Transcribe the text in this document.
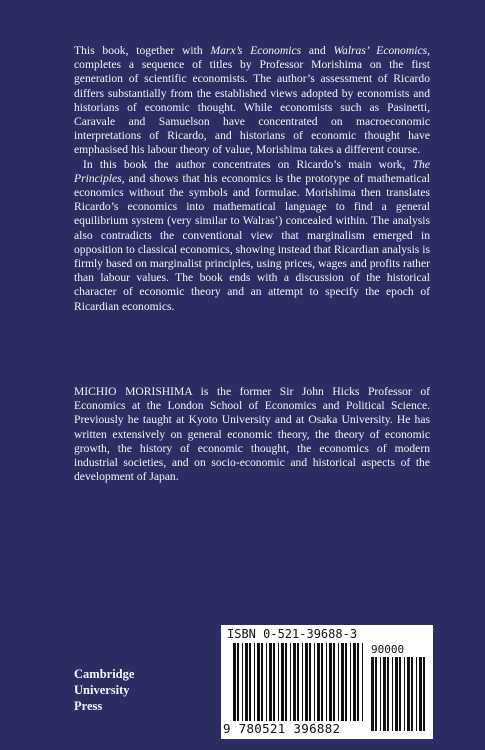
This book, together with Marx’s Economics and Walras’ Economics, completes a sequence of titles by Professor Morishima on the first generation of scientific economists. The author’s assessment of Ricardo differs substantially from the established views adopted by economists and historians of economic thought. While economists such as Pasinetti, Caravale and Samuelson have concentrated on macroeconomic interpretations of Ricardo, and historians of economic thought have emphasised his labour theory of value, Morishima takes a different course.

In this book the author concentrates on Ricardo’s main work, The Principles, and shows that his economics is the prototype of mathematical economics without the symbols and formulae. Morishima then translates Ricardo’s economics into mathematical language to find a general equilibrium system (very similar to Walras’) concealed within. The analysis also contradicts the conventional view that marginalism emerged in opposition to classical economics, showing instead that Ricardian analysis is firmly based on marginalist principles, using prices, wages and profits rather than labour values. The book ends with a discussion of the historical character of economic theory and an attempt to specify the epoch of Ricardian economics.

MICHIO MORISHIMA is the former Sir John Hicks Professor of Economics at the London School of Economics and Political Science. Previously he taught at Kyoto University and at Osaka University. He has written extensively on general economic theory, the theory of economic growth, the history of economic thought, the economics of modern industrial societies, and on socio-economic and historical aspects of the development of Japan.

Cambridge
University
Press
ISBN 0-521-39688-3
90000
9 780521 396882
